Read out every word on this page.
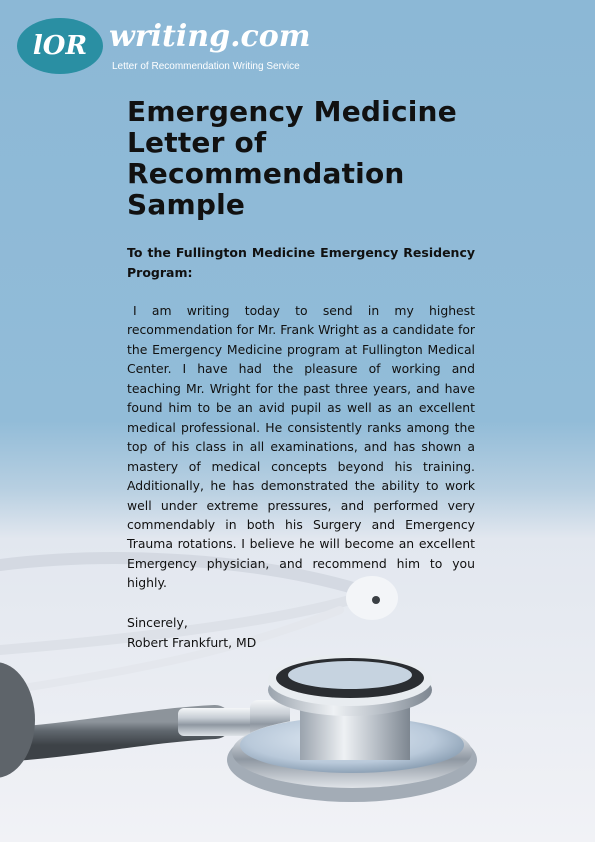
lOR writing.com
Letter of Recommendation Writing Service
Emergency Medicine Letter of Recommendation Sample

To the Fullington Medicine Emergency Residency Program:

I am writing today to send in my highest recommendation for Mr. Frank Wright as a candidate for the Emergency Medicine program at Fullington Medical Center. I have had the pleasure of working and teaching Mr. Wright for the past three years, and have found him to be an avid pupil as well as an excellent medical professional. He consistently ranks among the top of his class in all examinations, and has shown a mastery of medical concepts beyond his training. Additionally, he has demonstrated the ability to work well under extreme pressures, and performed very commendably in both his Surgery and Emergency Trauma rotations. I believe he will become an excellent Emergency physician, and recommend him to you highly.

Sincerely,
Robert Frankfurt, MD
